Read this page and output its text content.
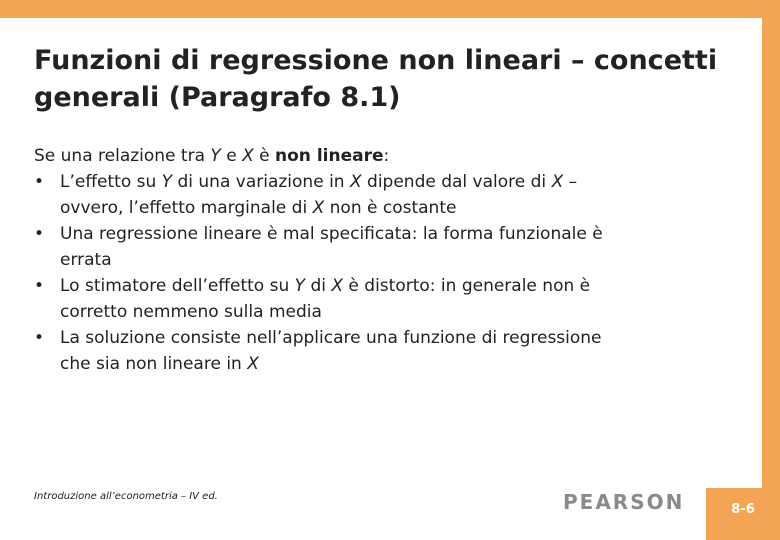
Funzioni di regressione non lineari – concetti
generali (Paragrafo 8.1)

Se una relazione tra Y e X è non lineare:

• L’effetto su Y di una variazione in X dipende dal valore di X –
ovvero, l’effetto marginale di X non è costante
• Una regressione lineare è mal specificata: la forma funzionale è
errata
• Lo stimatore dell’effetto su Y di X è distorto: in generale non è
corretto nemmeno sulla media
• La soluzione consiste nell’applicare una funzione di regressione
che sia non lineare in X
Introduzione all’econometria – IV ed.	PEARSON	8-6
